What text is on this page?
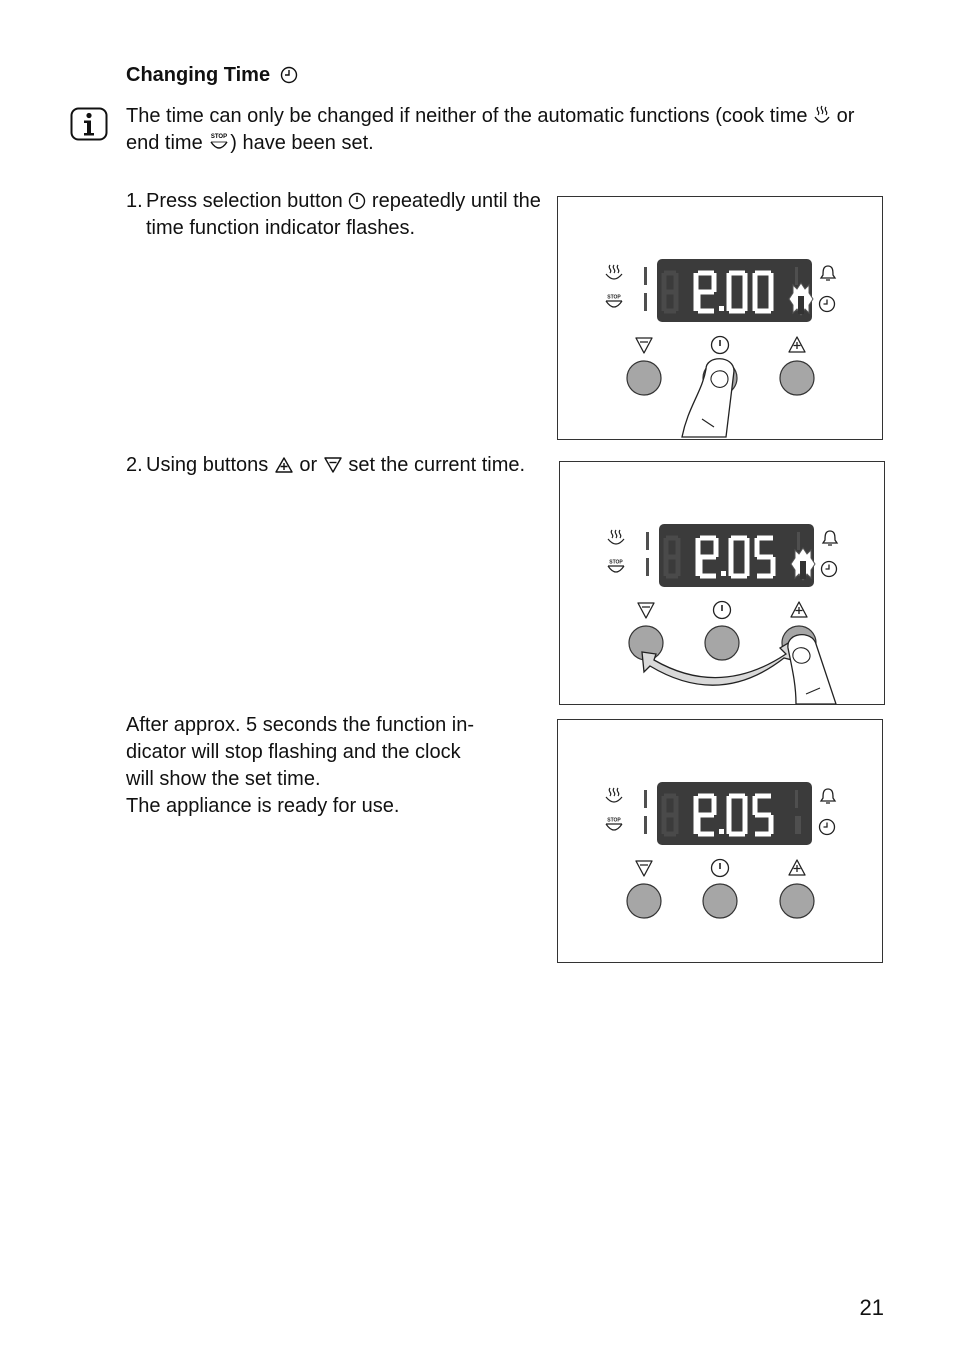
Changing Time
The time can only be changed if neither of the automatic functions (cook time or end time STOP ) have been set.
1. Press selection button repeatedly until the time function indicator flashes.
2. Using buttons or set the current time.

After approx. 5 seconds the function in-

dicator will stop flashing and the clock

will show the set time.

The appliance is ready for use.

STOP
STOP
STOP
21
